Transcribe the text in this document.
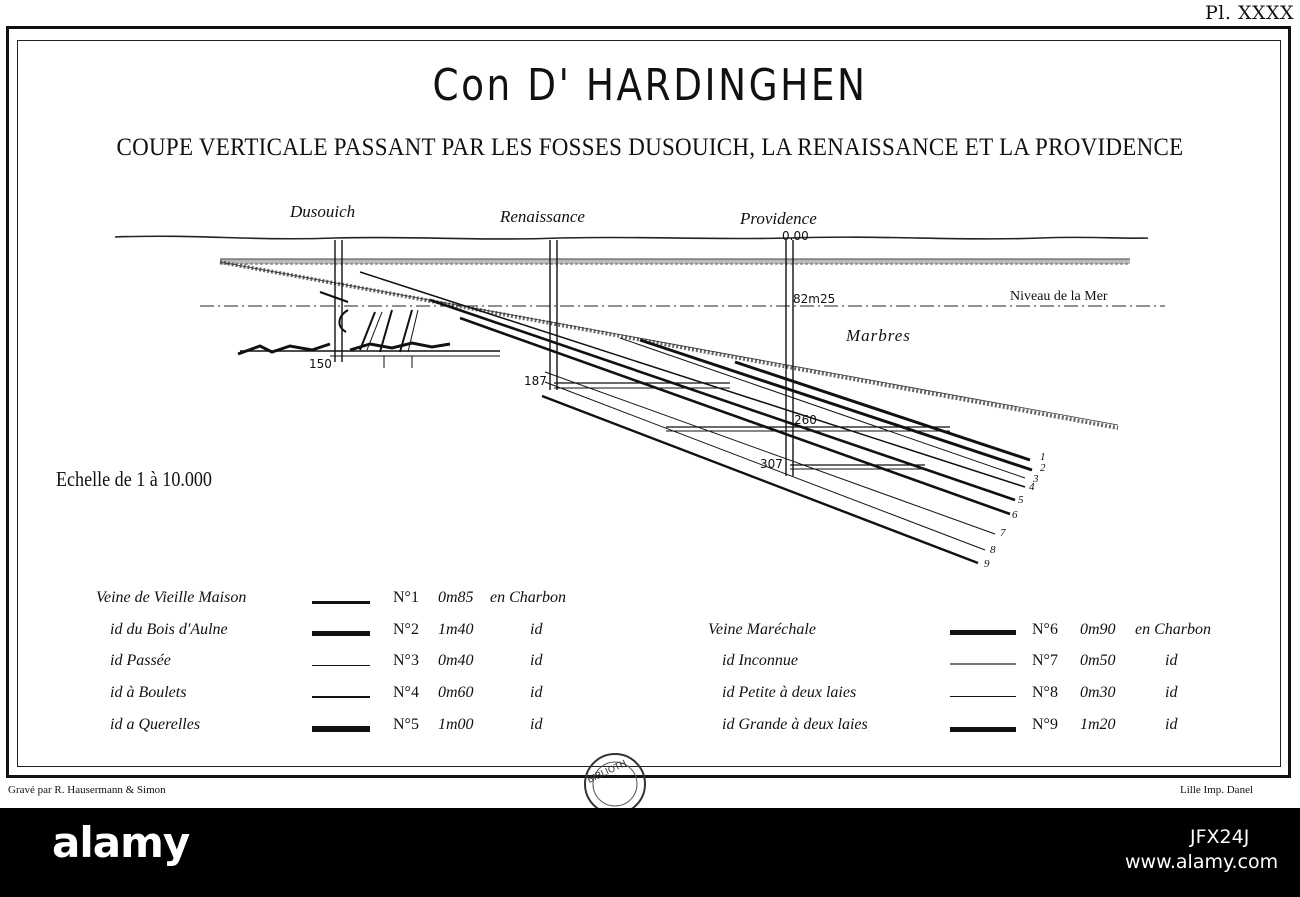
Pl. XXXX
Con D' HARDINGHEN
COUPE VERTICALE PASSANT PAR LES FOSSES DUSOUICH, LA RENAISSANCE ET LA PROVIDENCE
Dusouich	Renaissance	Providence
0.00
82m25
150
187
260
307
Niveau de la Mer
Marbres
1
2
3
4
5
6
7
8
9
Echelle de 1 à 10.000
Veine de Vieille Maison	N°1 0m85 en Charbon
id du Bois d'Aulne	N°2 1m40	id
id Passée	N°3 0m40	id
id à Boulets	N°4 0m60	id
id a Querelles	N°5 1m00	id
Veine Maréchale	N°6 0m90 en Charbon
id Inconnue	N°7 0m50	id
id Petite à deux laies	N°8 0m30	id
id Grande à deux laies	N°9 1m20	id
Gravé par R. Hausermann & Simon	Lille Imp. Danel
BIBLIOTH
alamy	JFX24J
www.alamy.com
